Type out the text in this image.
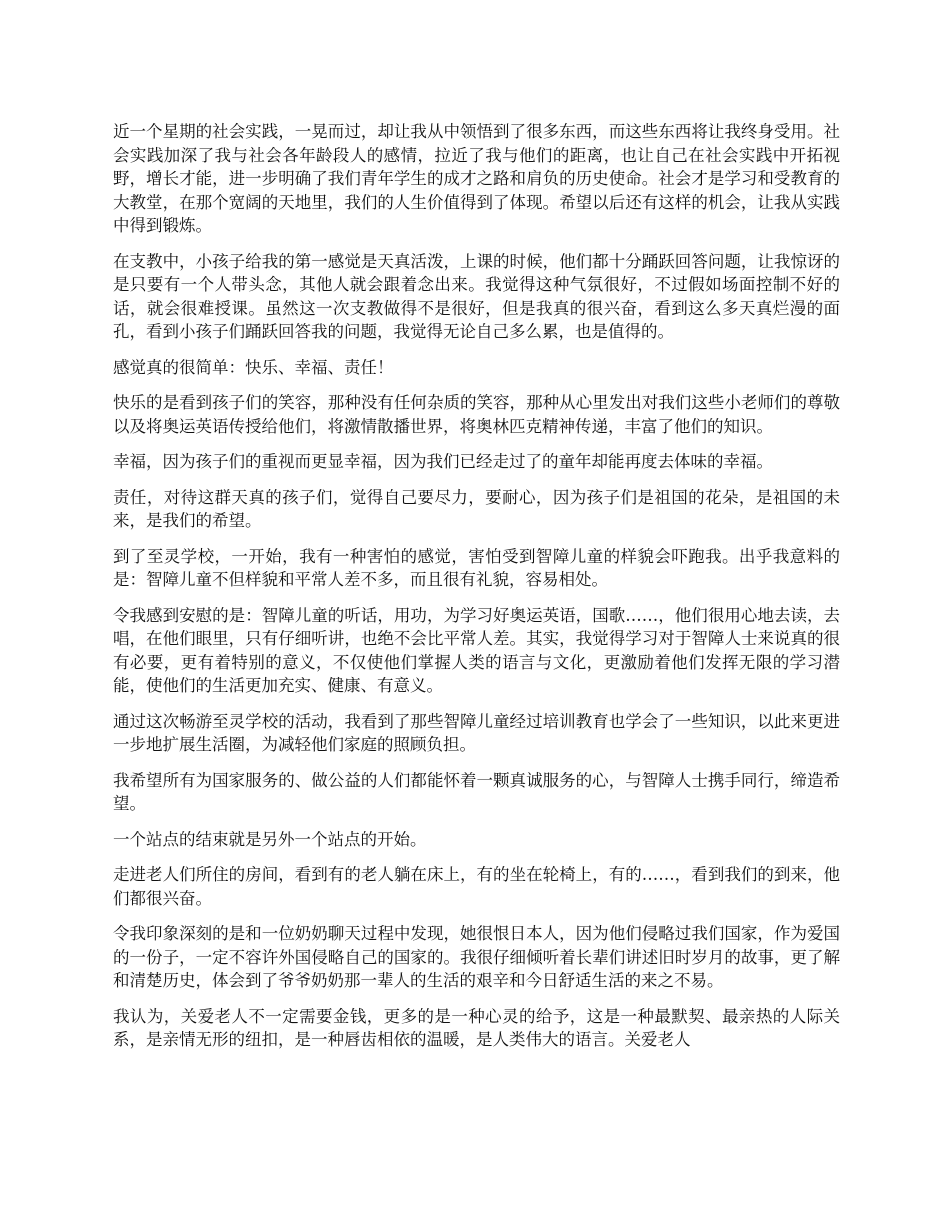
近一个星期的社会实践，一晃而过，却让我从中领悟到了很多东西，而这些东西将让我终身受用。社会实践加深了我与社会各年龄段人的感情，拉近了我与他们的距离，也让自己在社会实践中开拓视野，增长才能，进一步明确了我们青年学生的成才之路和肩负的历史使命。社会才是学习和受教育的大教堂，在那个宽阔的天地里，我们的人生价值得到了体现。希望以后还有这样的机会，让我从实践中得到锻炼。

在支教中，小孩子给我的第一感觉是天真活泼，上课的时候，他们都十分踊跃回答问题，让我惊讶的是只要有一个人带头念，其他人就会跟着念出来。我觉得这种气氛很好，不过假如场面控制不好的话，就会很难授课。虽然这一次支教做得不是很好，但是我真的很兴奋，看到这么多天真烂漫的面孔，看到小孩子们踊跃回答我的问题，我觉得无论自己多么累，也是值得的。

感觉真的很简单：快乐、幸福、责任！

快乐的是看到孩子们的笑容，那种没有任何杂质的笑容，那种从心里发出对我们这些小老师们的尊敬以及将奥运英语传授给他们，将激情散播世界，将奥林匹克精神传递，丰富了他们的知识。

幸福，因为孩子们的重视而更显幸福，因为我们已经走过了的童年却能再度去体味的幸福。

责任，对待这群天真的孩子们，觉得自己要尽力，要耐心，因为孩子们是祖国的花朵，是祖国的未来，是我们的希望。

到了至灵学校，一开始，我有一种害怕的感觉，害怕受到智障儿童的样貌会吓跑我。出乎我意料的是：智障儿童不但样貌和平常人差不多，而且很有礼貌，容易相处。

令我感到安慰的是：智障儿童的听话，用功，为学习好奥运英语，国歌……，他们很用心地去读，去唱，在他们眼里，只有仔细听讲，也绝不会比平常人差。其实，我觉得学习对于智障人士来说真的很有必要，更有着特别的意义，不仅使他们掌握人类的语言与文化，更激励着他们发挥无限的学习潜能，使他们的生活更加充实、健康、有意义。

通过这次畅游至灵学校的活动，我看到了那些智障儿童经过培训教育也学会了一些知识，以此来更进一步地扩展生活圈，为减轻他们家庭的照顾负担。

我希望所有为国家服务的、做公益的人们都能怀着一颗真诚服务的心，与智障人士携手同行，缔造希望。

一个站点的结束就是另外一个站点的开始。

走进老人们所住的房间，看到有的老人躺在床上，有的坐在轮椅上，有的……，看到我们的到来，他们都很兴奋。

令我印象深刻的是和一位奶奶聊天过程中发现，她很恨日本人，因为他们侵略过我们国家，作为爱国的一份子，一定不容许外国侵略自己的国家的。我很仔细倾听着长辈们讲述旧时岁月的故事，更了解和清楚历史，体会到了爷爷奶奶那一辈人的生活的艰辛和今日舒适生活的来之不易。

我认为，关爱老人不一定需要金钱，更多的是一种心灵的给予，这是一种最默契、最亲热的人际关系，是亲情无形的纽扣，是一种唇齿相依的温暖，是人类伟大的语言。关爱老人
